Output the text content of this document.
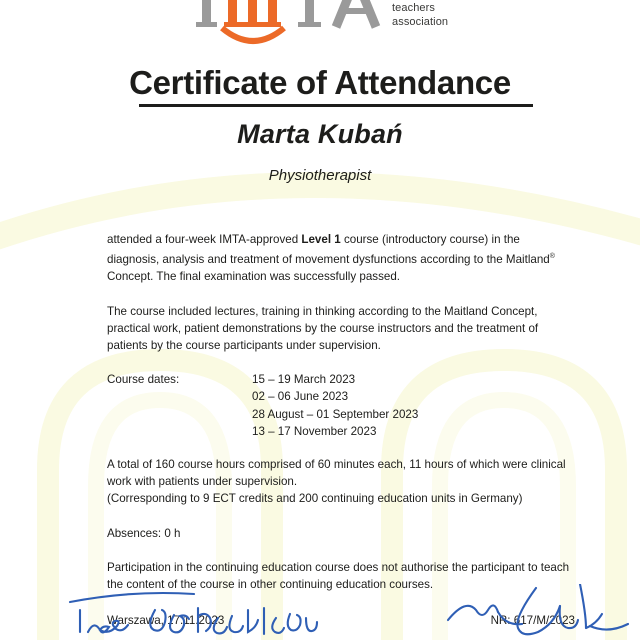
teachers
association
Certificate of Attendance
Marta Kubań
Physiotherapist

attended a four-week IMTA-approved Level 1 course (introductory course) in the diagnosis, analysis and treatment of movement dysfunctions according to the Maitland® Concept. The final examination was successfully passed.

The course included lectures, training in thinking according to the Maitland Concept, practical work, patient demonstrations by the course instructors and the treatment of patients by the course participants under supervision.

Course dates:	15 – 19 March 2023
02 – 06 June 2023
28 August – 01 September 2023
13 – 17 November 2023

A total of 160 course hours comprised of 60 minutes each, 11 hours of which were clinical work with patients under supervision.

(Corresponding to 9 ECT credits and 200 continuing education units in Germany)

Absences: 0 h

Participation in the continuing education course does not authorise the participant to teach the content of the course in other continuing education courses.

Warszawa, 17.11.2023	NR: 617/M/2023
